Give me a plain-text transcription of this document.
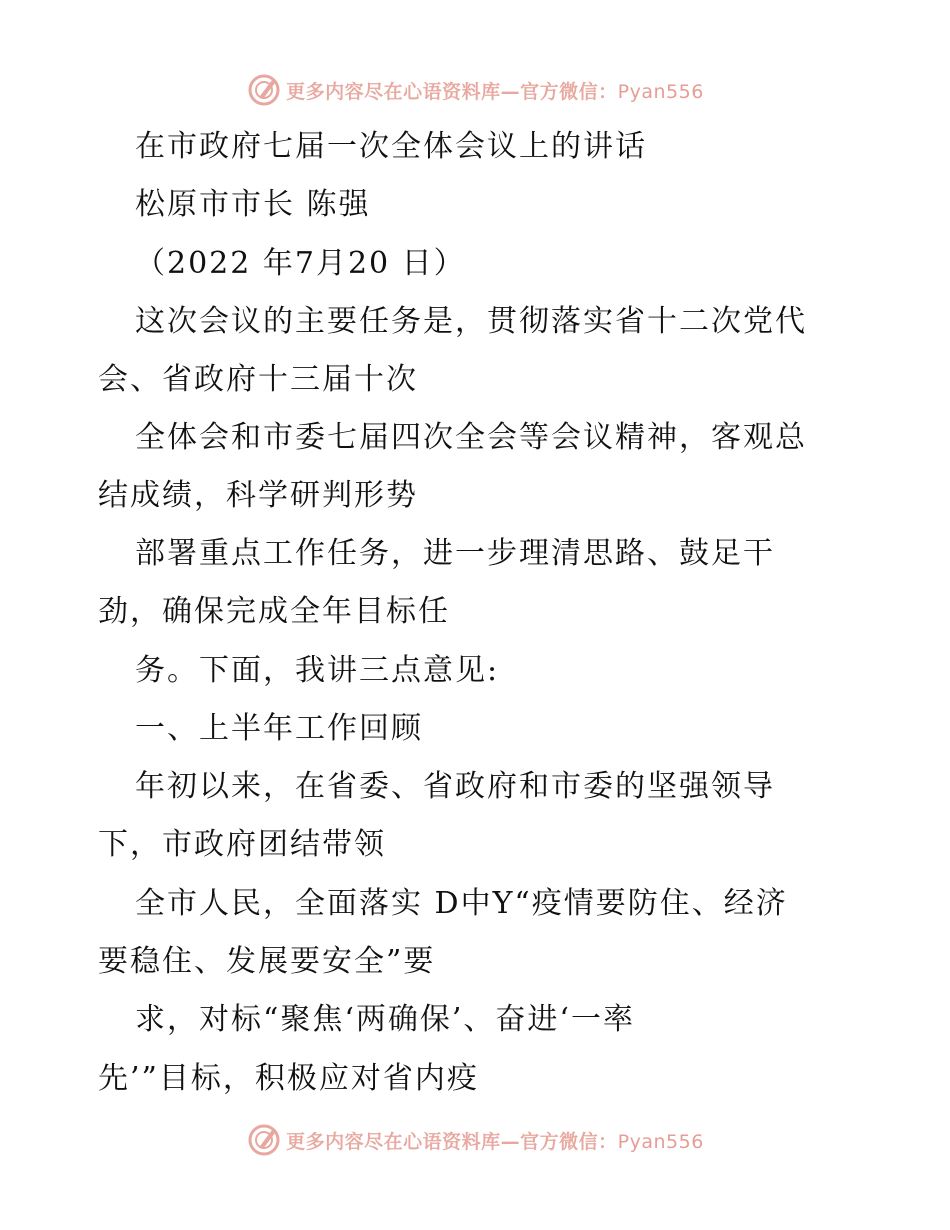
更多内容尽在心语资料库—官方微信：Pyan556
在市政府七届一次全体会议上的讲话
松原市市长 陈强
（2022 年7月20 日）
这次会议的主要任务是，贯彻落实省十二次党代
会、省政府十三届十次
全体会和市委七届四次全会等会议精神，客观总
结成绩，科学研判形势
部署重点工作任务，进一步理清思路、鼓足干
劲，确保完成全年目标任
务。下面，我讲三点意见:
一、上半年工作回顾
年初以来，在省委、省政府和市委的坚强领导
下，市政府团结带领
全市人民，全面落实 D中Y“疫情要防住、经济
要稳住、发展要安全”要
求，对标“聚焦‘两确保’、奋进‘一率
先’”目标，积极应对省内疫
更多内容尽在心语资料库—官方微信：Pyan556
